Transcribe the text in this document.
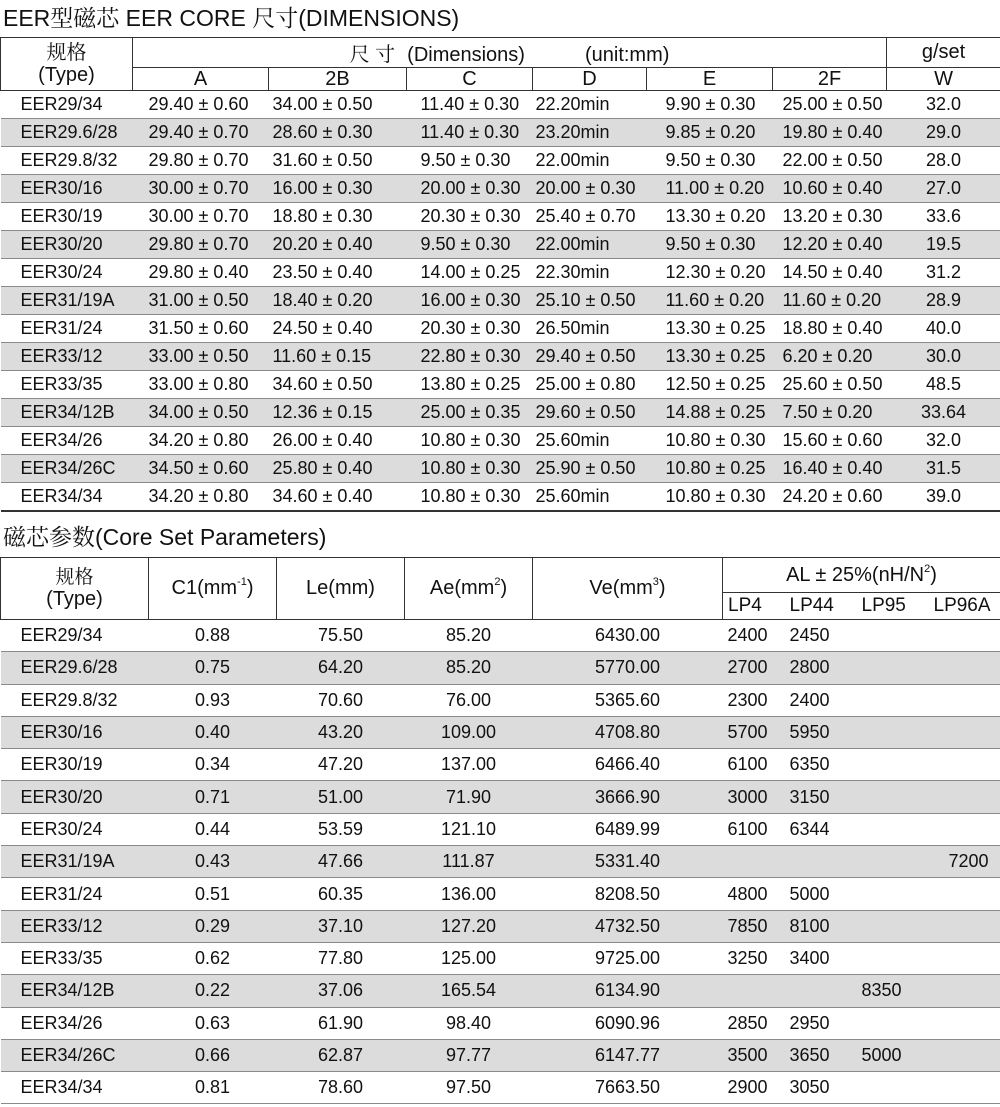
EER型磁芯 EER CORE 尺寸(DIMENSIONS)
规格
(Type)	尺 寸 (Dimensions) (unit:mm)						g/set
	A	2B	C	D	E	2F	W
EER29/34	29.40 ± 0.60	34.00 ± 0.50	11.40 ± 0.30	22.20min	9.90 ± 0.30	25.00 ± 0.50	32.0
EER29.6/28	29.40 ± 0.70	28.60 ± 0.30	11.40 ± 0.30	23.20min	9.85 ± 0.20	19.80 ± 0.40	29.0
EER29.8/32	29.80 ± 0.70	31.60 ± 0.50	9.50 ± 0.30	22.00min	9.50 ± 0.30	22.00 ± 0.50	28.0
EER30/16	30.00 ± 0.70	16.00 ± 0.30	20.00 ± 0.30	20.00 ± 0.30	11.00 ± 0.20	10.60 ± 0.40	27.0
EER30/19	30.00 ± 0.70	18.80 ± 0.30	20.30 ± 0.30	25.40 ± 0.70	13.30 ± 0.20	13.20 ± 0.30	33.6
EER30/20	29.80 ± 0.70	20.20 ± 0.40	9.50 ± 0.30	22.00min	9.50 ± 0.30	12.20 ± 0.40	19.5
EER30/24	29.80 ± 0.40	23.50 ± 0.40	14.00 ± 0.25	22.30min	12.30 ± 0.20	14.50 ± 0.40	31.2
EER31/19A	31.00 ± 0.50	18.40 ± 0.20	16.00 ± 0.30	25.10 ± 0.50	11.60 ± 0.20	11.60 ± 0.20	28.9
EER31/24	31.50 ± 0.60	24.50 ± 0.40	20.30 ± 0.30	26.50min	13.30 ± 0.25	18.80 ± 0.40	40.0
EER33/12	33.00 ± 0.50	11.60 ± 0.15	22.80 ± 0.30	29.40 ± 0.50	13.30 ± 0.25	6.20 ± 0.20	30.0
EER33/35	33.00 ± 0.80	34.60 ± 0.50	13.80 ± 0.25	25.00 ± 0.80	12.50 ± 0.25	25.60 ± 0.50	48.5
EER34/12B	34.00 ± 0.50	12.36 ± 0.15	25.00 ± 0.35	29.60 ± 0.50	14.88 ± 0.25	7.50 ± 0.20	33.64
EER34/26	34.20 ± 0.80	26.00 ± 0.40	10.80 ± 0.30	25.60min	10.80 ± 0.30	15.60 ± 0.60	32.0
EER34/26C	34.50 ± 0.60	25.80 ± 0.40	10.80 ± 0.30	25.90 ± 0.50	10.80 ± 0.25	16.40 ± 0.40	31.5
EER34/34	34.20 ± 0.80	34.60 ± 0.40	10.80 ± 0.30	25.60min	10.80 ± 0.30	24.20 ± 0.60	39.0
磁芯参数(Core Set Parameters)
规格
(Type)	$C1(mm^{-1})$	Le(mm)	$Ae(mm^2)$	$Ve(mm^3)$	AL ± $25\%(nH/N^2)$			
					LP4	LP44	LP95	LP96A
EER29/34	0.88	75.50	85.20	6430.00	2400	2450		
EER29.6/28	0.75	64.20	85.20	5770.00	2700	2800		
EER29.8/32	0.93	70.60	76.00	5365.60	2300	2400		
EER30/16	0.40	43.20	109.00	4708.80	5700	5950		
EER30/19	0.34	47.20	137.00	6466.40	6100	6350		
EER30/20	0.71	51.00	71.90	3666.90	3000	3150		
EER30/24	0.44	53.59	121.10	6489.99	6100	6344		
EER31/19A	0.43	47.66	111.87	5331.40				7200
EER31/24	0.51	60.35	136.00	8208.50	4800	5000		
EER33/12	0.29	37.10	127.20	4732.50	7850	8100		
EER33/35	0.62	77.80	125.00	9725.00	3250	3400		
EER34/12B	0.22	37.06	165.54	6134.90			8350	
EER34/26	0.63	61.90	98.40	6090.96	2850	2950		
EER34/26C	0.66	62.87	97.77	6147.77	3500	3650	5000	
EER34/34	0.81	78.60	97.50	7663.50	2900	3050		
